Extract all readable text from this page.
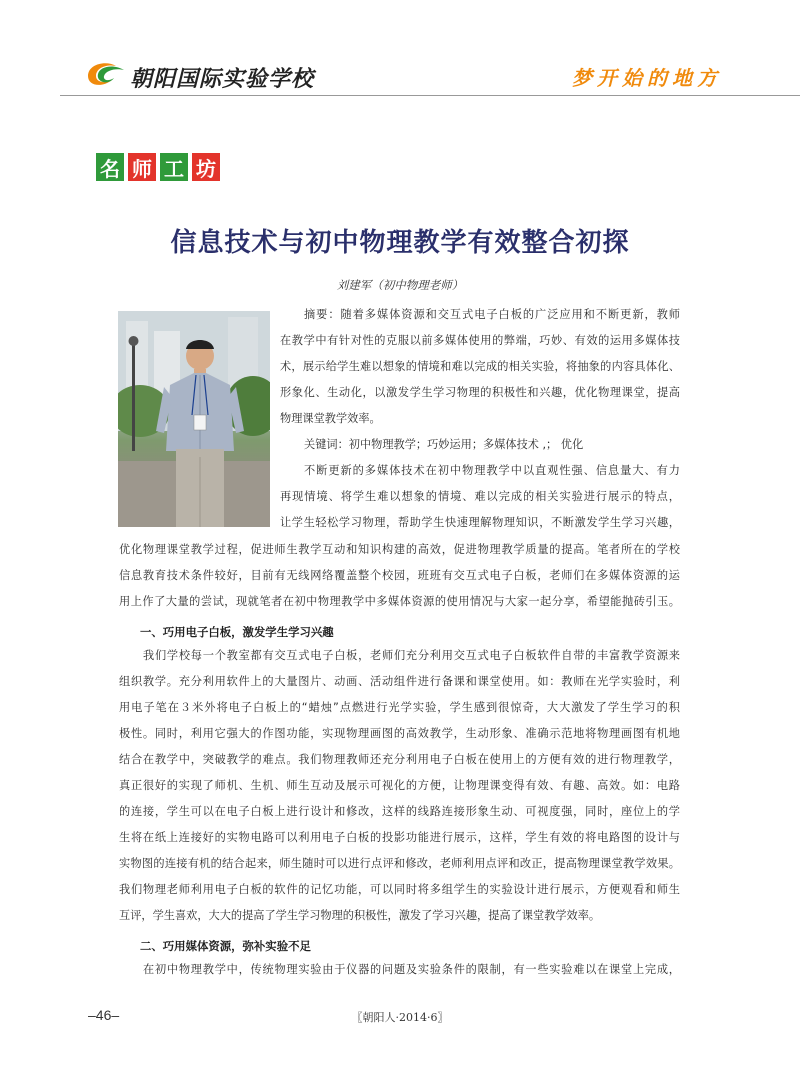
朝阳国际实验学校	梦开始的地方
名 师 工 坊
信息技术与初中物理教学有效整合初探
刘建军（初中物理老师）
摘要：随着多媒体资源和交互式电子白板的广泛应用和不断更新，教师
在教学中有针对性的克服以前多媒体使用的弊端，巧妙、有效的运用多媒体技
术，展示给学生难以想象的情境和难以完成的相关实验，将抽象的内容具体化、
形象化、生动化，以激发学生学习物理的积极性和兴趣，优化物理课堂，提高
物理课堂教学效率。
关键词：初中物理教学；巧妙运用；多媒体技术 ,； 优化
不断更新的多媒体技术在初中物理教学中以直观性强、信息量大、有力
再现情境、将学生难以想象的情境、难以完成的相关实验进行展示的特点，
让学生轻松学习物理，帮助学生快速理解物理知识，不断激发学生学习兴趣，
优化物理课堂教学过程，促进师生教学互动和知识构建的高效，促进物理教学质量的提高。笔者所在的学校
信息教育技术条件较好，目前有无线网络覆盖整个校园，班班有交互式电子白板，老师们在多媒体资源的运
用上作了大量的尝试，现就笔者在初中物理教学中多媒体资源的使用情况与大家一起分享，希望能抛砖引玉。
一、巧用电子白板，激发学生学习兴趣
我们学校每一个教室都有交互式电子白板，老师们充分利用交互式电子白板软件自带的丰富教学资源来
组织教学。充分利用软件上的大量图片、动画、活动组件进行备课和课堂使用。如：教师在光学实验时，利
用电子笔在３米外将电子白板上的“蜡烛”点燃进行光学实验，学生感到很惊奇，大大激发了学生学习的积
极性。同时，利用它强大的作图功能，实现物理画图的高效教学，生动形象、准确示范地将物理画图有机地
结合在教学中，突破教学的难点。我们物理教师还充分利用电子白板在使用上的方便有效的进行物理教学，
真正很好的实现了师机、生机、师生互动及展示可视化的方便，让物理课变得有效、有趣、高效。如：电路
的连接，学生可以在电子白板上进行设计和修改，这样的线路连接形象生动、可视度强，同时，座位上的学
生将在纸上连接好的实物电路可以利用电子白板的投影功能进行展示，这样，学生有效的将电路图的设计与
实物图的连接有机的结合起来，师生随时可以进行点评和修改，老师利用点评和改正，提高物理课堂教学效果。
我们物理老师利用电子白板的软件的记忆功能，可以同时将多组学生的实验设计进行展示，方便观看和师生
互评，学生喜欢，大大的提高了学生学习物理的积极性，激发了学习兴趣，提高了课堂教学效率。
二、巧用媒体资源，弥补实验不足
在初中物理教学中，传统物理实验由于仪器的问题及实验条件的限制，有一些实验难以在课堂上完成，
–46–	〖朝阳人·2014·6〗
